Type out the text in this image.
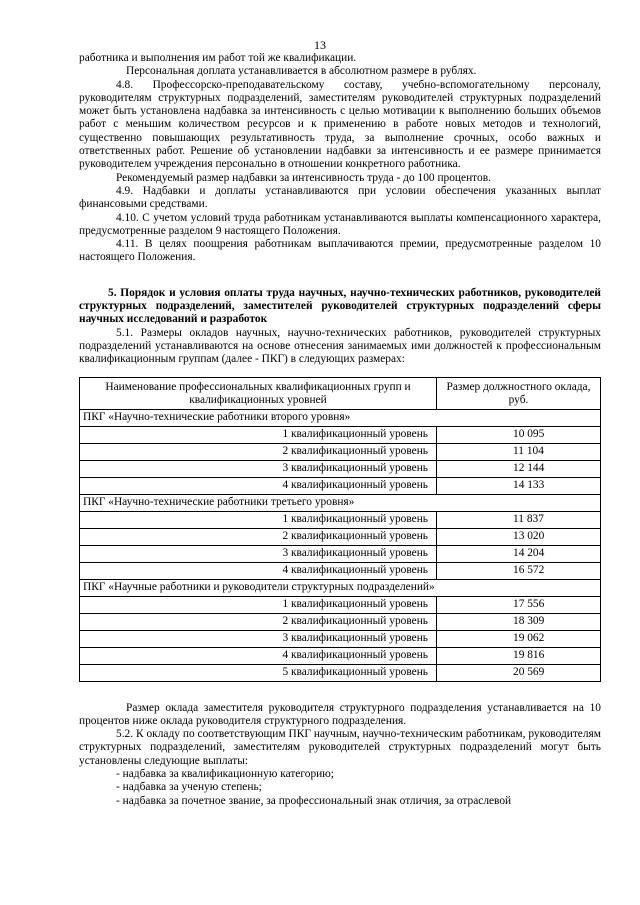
13

работника и выполнения им работ той же квалификации.

Персональная доплата устанавливается в абсолютном размере в рублях.

4.8. Профессорско-преподавательскому составу, учебно-вспомогательному персоналу, руководителям структурных подразделений, заместителям руководителей структурных подразделений может быть установлена надбавка за интенсивность с целью мотивации к выполнению больших объемов работ с меньшим количеством ресурсов и к применению в работе новых методов и технологий, существенно повышающих результативность труда, за выполнение срочных, особо важных и ответственных работ. Решение об установлении надбавки за интенсивность и ее размере принимается руководителем учреждения персонально в отношении конкретного работника.

Рекомендуемый размер надбавки за интенсивность труда - до 100 процентов.

4.9. Надбавки и доплаты устанавливаются при условии обеспечения указанных выплат финансовыми средствами.

4.10. С учетом условий труда работникам устанавливаются выплаты компенсационного характера, предусмотренные разделом 9 настоящего Положения.

4.11. В целях поощрения работникам выплачиваются премии, предусмотренные разделом 10 настоящего Положения.

5. Порядок и условия оплаты труда научных, научно-технических работников, руководителей структурных подразделений, заместителей руководителей структурных подразделений сферы научных исследований и разработок

5.1. Размеры окладов научных, научно-технических работников, руководителей структурных подразделений устанавливаются на основе отнесения занимаемых ими должностей к профессиональным квалификационным группам (далее - ПКГ) в следующих размерах:

Наименование профессиональных квалификационных групп и квалификационных уровней	Размер должностного оклада, руб.
ПКГ «Научно-технические работники второго уровня»	
1 квалификационный уровень	10 095
2 квалификационный уровень	11 104
3 квалификационный уровень	12 144
4 квалификационный уровень	14 133
ПКГ «Научно-технические работники третьего уровня»	
1 квалификационный уровень	11 837
2 квалификационный уровень	13 020
3 квалификационный уровень	14 204
4 квалификационный уровень	16 572
ПКГ «Научные работники и руководители структурных подразделений»	
1 квалификационный уровень	17 556
2 квалификационный уровень	18 309
3 квалификационный уровень	19 062
4 квалификационный уровень	19 816
5 квалификационный уровень	20 569

Размер оклада заместителя руководителя структурного подразделения устанавливается на 10 процентов ниже оклада руководителя структурного подразделения.

5.2. К окладу по соответствующим ПКГ научным, научно-техническим работникам, руководителям структурных подразделений, заместителям руководителей структурных подразделений могут быть установлены следующие выплаты:

- надбавка за квалификационную категорию;

- надбавка за ученую степень;

- надбавка за почетное звание, за профессиональный знак отличия, за отраслевой
